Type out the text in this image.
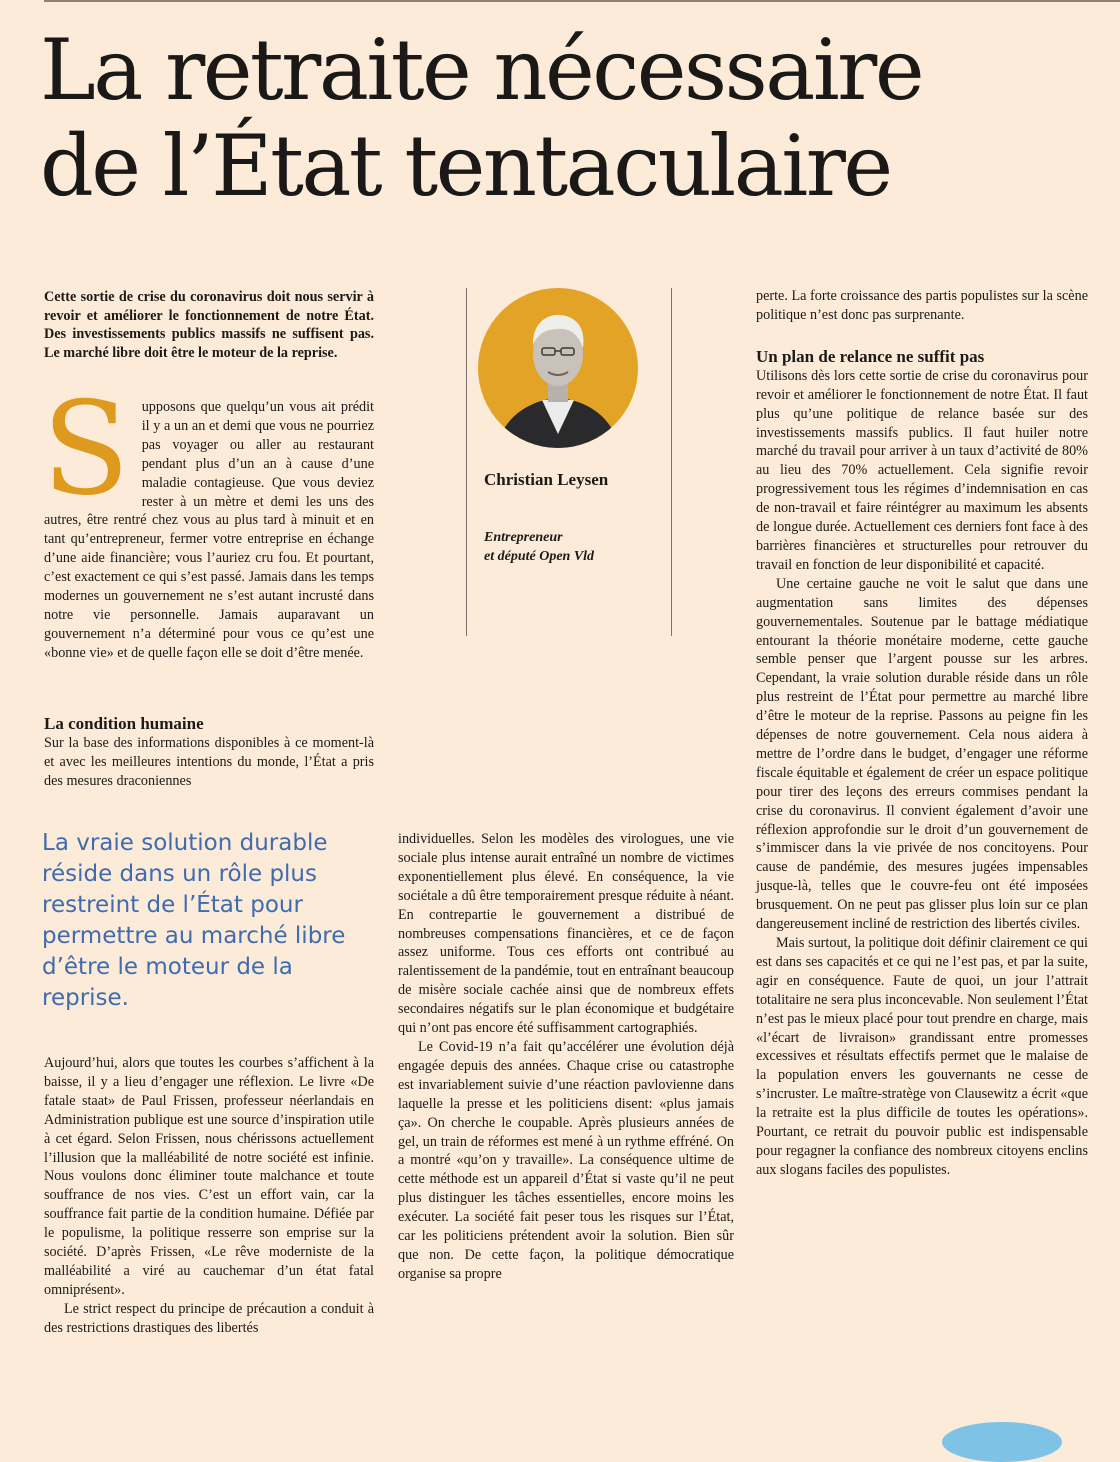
La retraite nécessaire
de l’État tentaculaire

Cette sortie de crise du coronavirus doit nous servir à revoir et améliorer le fonctionnement de notre État. Des investissements publics massifs ne suffisent pas. Le marché libre doit être le moteur de la reprise.

Supposons que quelqu’un vous ait prédit il y a un an et demi que vous ne pourriez pas voyager ou aller au restaurant pendant plus d’un an à cause d’une maladie contagieuse. Que vous deviez rester à un mètre et demi les uns des autres, être rentré chez vous au plus tard à minuit et en tant qu’entrepreneur, fermer votre entreprise en échange d’une aide financière; vous l’auriez cru fou. Et pourtant, c’est exactement ce qui s’est passé. Jamais dans les temps modernes un gouvernement ne s’est autant incrusté dans notre vie personnelle. Jamais auparavant un gouvernement n’a déterminé pour vous ce qu’est une «bonne vie» et de quelle façon elle se doit d’être menée.

La condition humaine

Sur la base des informations disponibles à ce moment-là et avec les meilleures intentions du monde, l’État a pris des mesures draconiennes

La vraie solution durable réside dans un rôle plus restreint de l’État pour permettre au marché libre d’être le moteur de la reprise.

Aujourd’hui, alors que toutes les courbes s’affichent à la baisse, il y a lieu d’engager une réflexion. Le livre «De fatale staat» de Paul Frissen, professeur néerlandais en Administration publique est une source d’inspiration utile à cet égard. Selon Frissen, nous chérissons actuellement l’illusion que la malléabilité de notre société est infinie. Nous voulons donc éliminer toute malchance et toute souffrance de nos vies. C’est un effort vain, car la souffrance fait partie de la condition humaine. Défiée par le populisme, la politique resserre son emprise sur la société. D’après Frissen, «Le rêve moderniste de la malléabilité a viré au cauchemar d’un état fatal omniprésent».

Le strict respect du principe de précaution a conduit à des restrictions drastiques des libertés

Christian Leysen

Entrepreneur
et député Open Vld

individuelles. Selon les modèles des virologues, une vie sociale plus intense aurait entraîné un nombre de victimes exponentiellement plus élevé. En conséquence, la vie sociétale a dû être temporairement presque réduite à néant. En contrepartie le gouvernement a distribué de nombreuses compensations financières, et ce de façon assez uniforme. Tous ces efforts ont contribué au ralentissement de la pandémie, tout en entraînant beaucoup de misère sociale cachée ainsi que de nombreux effets secondaires négatifs sur le plan économique et budgétaire qui n’ont pas encore été suffisamment cartographiés.

Le Covid-19 n’a fait qu’accélérer une évolution déjà engagée depuis des années. Chaque crise ou catastrophe est invariablement suivie d’une réaction pavlovienne dans laquelle la presse et les politiciens disent: «plus jamais ça». On cherche le coupable. Après plusieurs années de gel, un train de réformes est mené à un rythme effréné. On a montré «qu’on y travaille». La conséquence ultime de cette méthode est un appareil d’État si vaste qu’il ne peut plus distinguer les tâches essentielles, encore moins les exécuter. La société fait peser tous les risques sur l’État, car les politiciens prétendent avoir la solution. Bien sûr que non. De cette façon, la politique démocratique organise sa propre

perte. La forte croissance des partis populistes sur la scène politique n’est donc pas surprenante.

Un plan de relance ne suffit pas

Utilisons dès lors cette sortie de crise du coronavirus pour revoir et améliorer le fonctionnement de notre État. Il faut plus qu’une politique de relance basée sur des investissements massifs publics. Il faut huiler notre marché du travail pour arriver à un taux d’activité de 80% au lieu des 70% actuellement. Cela signifie revoir progressivement tous les régimes d’indemnisation en cas de non-travail et faire réintégrer au maximum les absents de longue durée. Actuellement ces derniers font face à des barrières financières et structurelles pour retrouver du travail en fonction de leur disponibilité et capacité.

Une certaine gauche ne voit le salut que dans une augmentation sans limites des dépenses gouvernementales. Soutenue par le battage médiatique entourant la théorie monétaire moderne, cette gauche semble penser que l’argent pousse sur les arbres. Cependant, la vraie solution durable réside dans un rôle plus restreint de l’État pour permettre au marché libre d’être le moteur de la reprise. Passons au peigne fin les dépenses de notre gouvernement. Cela nous aidera à mettre de l’ordre dans le budget, d’engager une réforme fiscale équitable et également de créer un espace politique pour tirer des leçons des erreurs commises pendant la crise du coronavirus. Il convient également d’avoir une réflexion approfondie sur le droit d’un gouvernement de s’immiscer dans la vie privée de nos concitoyens. Pour cause de pandémie, des mesures jugées impensables jusque-là, telles que le couvre-feu ont été imposées brusquement. On ne peut pas glisser plus loin sur ce plan dangereusement incliné de restriction des libertés civiles.

Mais surtout, la politique doit définir clairement ce qui est dans ses capacités et ce qui ne l’est pas, et par la suite, agir en conséquence. Faute de quoi, un jour l’attrait totalitaire ne sera plus inconcevable. Non seulement l’État n’est pas le mieux placé pour tout prendre en charge, mais «l’écart de livraison» grandissant entre promesses excessives et résultats effectifs permet que le malaise de la population envers les gouvernants ne cesse de s’incruster. Le maître-stratège von Clausewitz a écrit «que la retraite est la plus difficile de toutes les opérations». Pourtant, ce retrait du pouvoir public est indispensable pour regagner la confiance des nombreux citoyens enclins aux slogans faciles des populistes.
